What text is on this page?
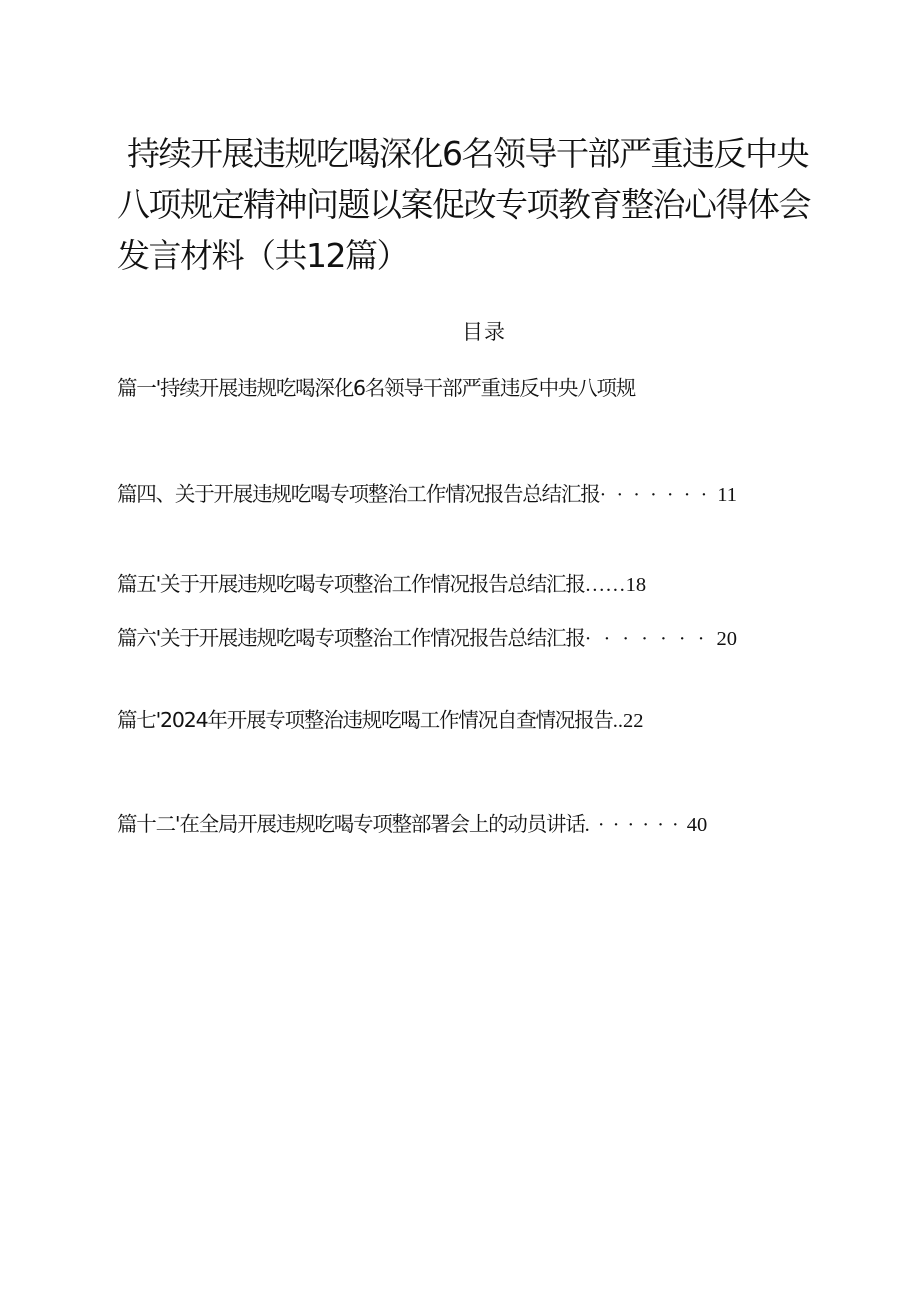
持续开展违规吃喝深化6名领导干部严重违反中央
八项规定精神问题以案促改专项教育整治心得体会
发言材料（共12篇）
目录

篇一'持续开展违规吃喝深化6名领导干部严重违反中央八项规

篇四、关于开展违规吃喝专项整治工作情况报告总结汇报·······11

篇五'关于开展违规吃喝专项整治工作情况报告总结汇报……18

篇六'关于开展违规吃喝专项整治工作情况报告总结汇报·······20

篇七'2024年开展专项整治违规吃喝工作情况自查情况报告..22

篇十二'在全局开展违规吃喝专项整部署会上的动员讲话.······40
